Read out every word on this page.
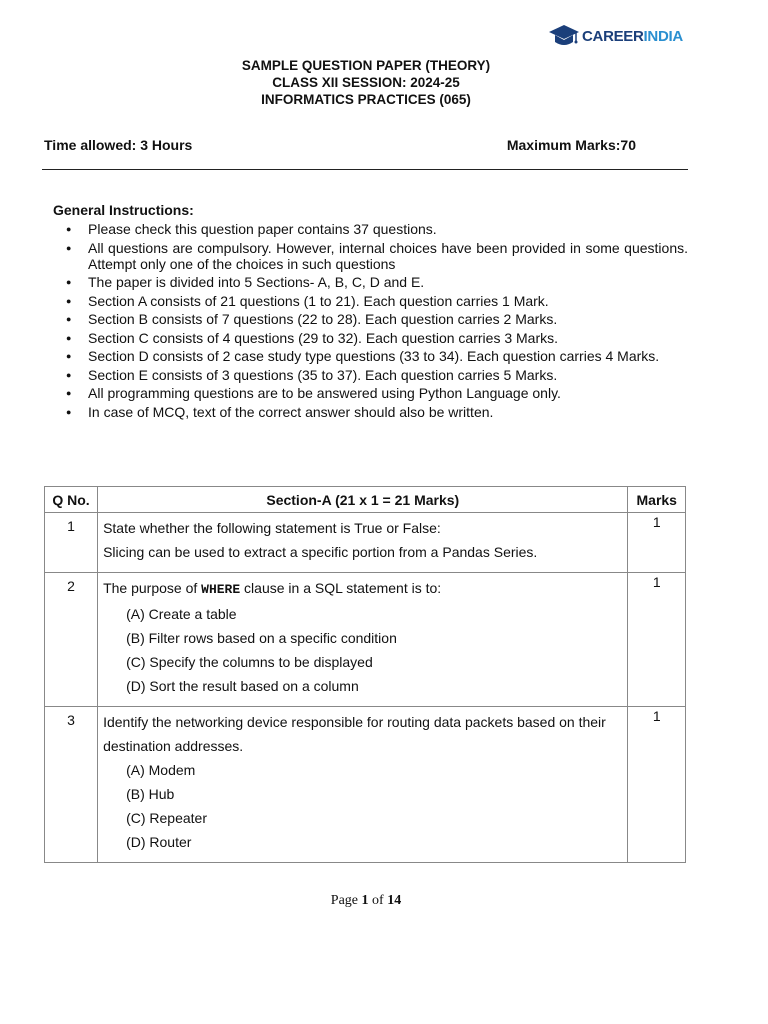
CAREERINDIA
SAMPLE QUESTION PAPER (THEORY)
CLASS XII SESSION: 2024-25
INFORMATICS PRACTICES (065)
Time allowed: 3 Hours	Maximum Marks:70
General Instructions:
● Please check this question paper contains 37 questions.
● All questions are compulsory. However, internal choices have been provided in some questions. Attempt only one of the choices in such questions
● The paper is divided into 5 Sections- A, B, C, D and E.
● Section A consists of 21 questions (1 to 21). Each question carries 1 Mark.
● Section B consists of 7 questions (22 to 28). Each question carries 2 Marks.
● Section C consists of 4 questions (29 to 32). Each question carries 3 Marks.
● Section D consists of 2 case study type questions (33 to 34). Each question carries 4 Marks.
● Section E consists of 3 questions (35 to 37). Each question carries 5 Marks.
● All programming questions are to be answered using Python Language only.
● In case of MCQ, text of the correct answer should also be written.
Q No.	Section-A (21 x 1 = 21 Marks)	Marks
1	State whether the following statement is True or False:
Slicing can be used to extract a specific portion from a Pandas Series.	1
2	The purpose of WHERE clause in a SQL statement is to:
(A) Create a table
(B) Filter rows based on a specific condition
(C) Specify the columns to be displayed
(D) Sort the result based on a column	1
3	Identify the networking device responsible for routing data packets based on their destination addresses.
(A) Modem
(B) Hub
(C) Repeater
(D) Router	1
Page 1 of 14
